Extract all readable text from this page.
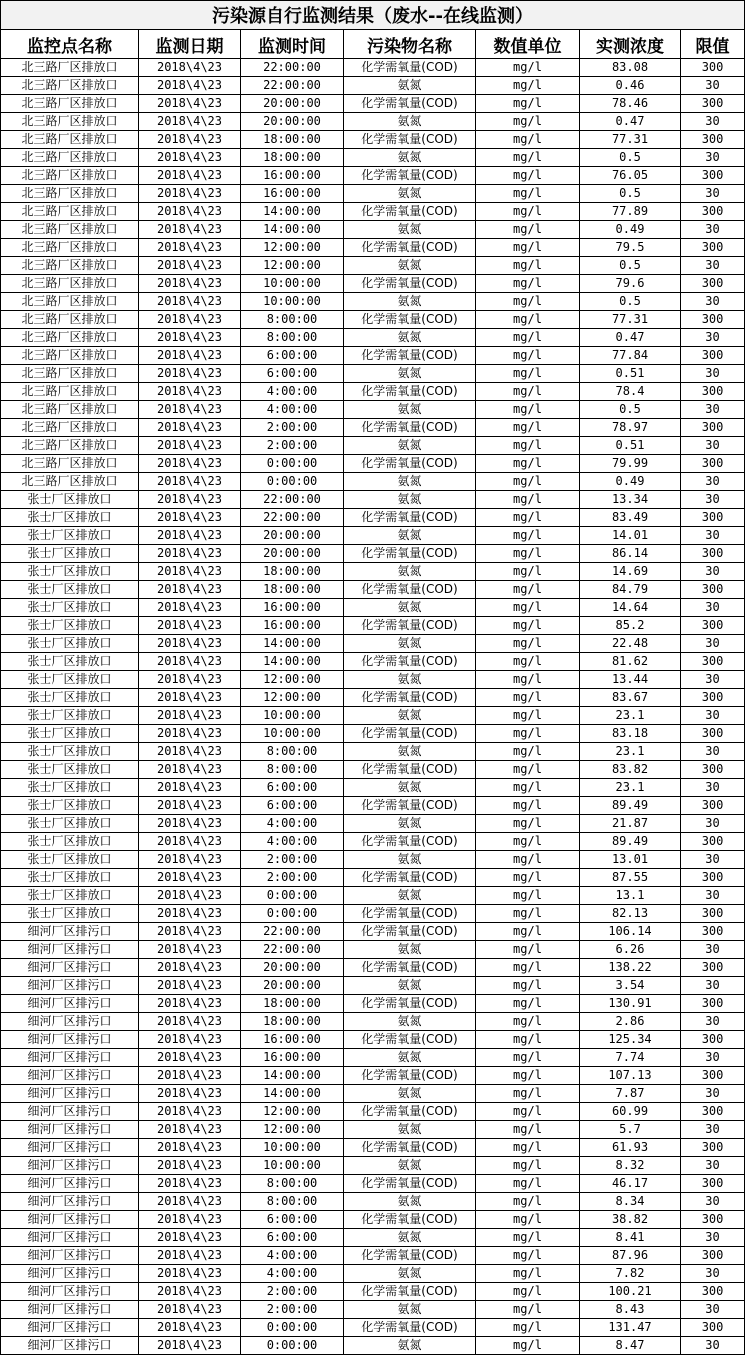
污染源自行监测结果（废水--在线监测）						
监控点名称	监测日期	监测时间	污染物名称	数值单位	实测浓度	限值
北三路厂区排放口	2018\4\23	22:00:00	化学需氧量(COD)	mg/l	83.08	300
北三路厂区排放口	2018\4\23	22:00:00	氨氮	mg/l	0.46	30
北三路厂区排放口	2018\4\23	20:00:00	化学需氧量(COD)	mg/l	78.46	300
北三路厂区排放口	2018\4\23	20:00:00	氨氮	mg/l	0.47	30
北三路厂区排放口	2018\4\23	18:00:00	化学需氧量(COD)	mg/l	77.31	300
北三路厂区排放口	2018\4\23	18:00:00	氨氮	mg/l	0.5	30
北三路厂区排放口	2018\4\23	16:00:00	化学需氧量(COD)	mg/l	76.05	300
北三路厂区排放口	2018\4\23	16:00:00	氨氮	mg/l	0.5	30
北三路厂区排放口	2018\4\23	14:00:00	化学需氧量(COD)	mg/l	77.89	300
北三路厂区排放口	2018\4\23	14:00:00	氨氮	mg/l	0.49	30
北三路厂区排放口	2018\4\23	12:00:00	化学需氧量(COD)	mg/l	79.5	300
北三路厂区排放口	2018\4\23	12:00:00	氨氮	mg/l	0.5	30
北三路厂区排放口	2018\4\23	10:00:00	化学需氧量(COD)	mg/l	79.6	300
北三路厂区排放口	2018\4\23	10:00:00	氨氮	mg/l	0.5	30
北三路厂区排放口	2018\4\23	8:00:00	化学需氧量(COD)	mg/l	77.31	300
北三路厂区排放口	2018\4\23	8:00:00	氨氮	mg/l	0.47	30
北三路厂区排放口	2018\4\23	6:00:00	化学需氧量(COD)	mg/l	77.84	300
北三路厂区排放口	2018\4\23	6:00:00	氨氮	mg/l	0.51	30
北三路厂区排放口	2018\4\23	4:00:00	化学需氧量(COD)	mg/l	78.4	300
北三路厂区排放口	2018\4\23	4:00:00	氨氮	mg/l	0.5	30
北三路厂区排放口	2018\4\23	2:00:00	化学需氧量(COD)	mg/l	78.97	300
北三路厂区排放口	2018\4\23	2:00:00	氨氮	mg/l	0.51	30
北三路厂区排放口	2018\4\23	0:00:00	化学需氧量(COD)	mg/l	79.99	300
北三路厂区排放口	2018\4\23	0:00:00	氨氮	mg/l	0.49	30
张士厂区排放口	2018\4\23	22:00:00	氨氮	mg/l	13.34	30
张士厂区排放口	2018\4\23	22:00:00	化学需氧量(COD)	mg/l	83.49	300
张士厂区排放口	2018\4\23	20:00:00	氨氮	mg/l	14.01	30
张士厂区排放口	2018\4\23	20:00:00	化学需氧量(COD)	mg/l	86.14	300
张士厂区排放口	2018\4\23	18:00:00	氨氮	mg/l	14.69	30
张士厂区排放口	2018\4\23	18:00:00	化学需氧量(COD)	mg/l	84.79	300
张士厂区排放口	2018\4\23	16:00:00	氨氮	mg/l	14.64	30
张士厂区排放口	2018\4\23	16:00:00	化学需氧量(COD)	mg/l	85.2	300
张士厂区排放口	2018\4\23	14:00:00	氨氮	mg/l	22.48	30
张士厂区排放口	2018\4\23	14:00:00	化学需氧量(COD)	mg/l	81.62	300
张士厂区排放口	2018\4\23	12:00:00	氨氮	mg/l	13.44	30
张士厂区排放口	2018\4\23	12:00:00	化学需氧量(COD)	mg/l	83.67	300
张士厂区排放口	2018\4\23	10:00:00	氨氮	mg/l	23.1	30
张士厂区排放口	2018\4\23	10:00:00	化学需氧量(COD)	mg/l	83.18	300
张士厂区排放口	2018\4\23	8:00:00	氨氮	mg/l	23.1	30
张士厂区排放口	2018\4\23	8:00:00	化学需氧量(COD)	mg/l	83.82	300
张士厂区排放口	2018\4\23	6:00:00	氨氮	mg/l	23.1	30
张士厂区排放口	2018\4\23	6:00:00	化学需氧量(COD)	mg/l	89.49	300
张士厂区排放口	2018\4\23	4:00:00	氨氮	mg/l	21.87	30
张士厂区排放口	2018\4\23	4:00:00	化学需氧量(COD)	mg/l	89.49	300
张士厂区排放口	2018\4\23	2:00:00	氨氮	mg/l	13.01	30
张士厂区排放口	2018\4\23	2:00:00	化学需氧量(COD)	mg/l	87.55	300
张士厂区排放口	2018\4\23	0:00:00	氨氮	mg/l	13.1	30
张士厂区排放口	2018\4\23	0:00:00	化学需氧量(COD)	mg/l	82.13	300
细河厂区排污口	2018\4\23	22:00:00	化学需氧量(COD)	mg/l	106.14	300
细河厂区排污口	2018\4\23	22:00:00	氨氮	mg/l	6.26	30
细河厂区排污口	2018\4\23	20:00:00	化学需氧量(COD)	mg/l	138.22	300
细河厂区排污口	2018\4\23	20:00:00	氨氮	mg/l	3.54	30
细河厂区排污口	2018\4\23	18:00:00	化学需氧量(COD)	mg/l	130.91	300
细河厂区排污口	2018\4\23	18:00:00	氨氮	mg/l	2.86	30
细河厂区排污口	2018\4\23	16:00:00	化学需氧量(COD)	mg/l	125.34	300
细河厂区排污口	2018\4\23	16:00:00	氨氮	mg/l	7.74	30
细河厂区排污口	2018\4\23	14:00:00	化学需氧量(COD)	mg/l	107.13	300
细河厂区排污口	2018\4\23	14:00:00	氨氮	mg/l	7.87	30
细河厂区排污口	2018\4\23	12:00:00	化学需氧量(COD)	mg/l	60.99	300
细河厂区排污口	2018\4\23	12:00:00	氨氮	mg/l	5.7	30
细河厂区排污口	2018\4\23	10:00:00	化学需氧量(COD)	mg/l	61.93	300
细河厂区排污口	2018\4\23	10:00:00	氨氮	mg/l	8.32	30
细河厂区排污口	2018\4\23	8:00:00	化学需氧量(COD)	mg/l	46.17	300
细河厂区排污口	2018\4\23	8:00:00	氨氮	mg/l	8.34	30
细河厂区排污口	2018\4\23	6:00:00	化学需氧量(COD)	mg/l	38.82	300
细河厂区排污口	2018\4\23	6:00:00	氨氮	mg/l	8.41	30
细河厂区排污口	2018\4\23	4:00:00	化学需氧量(COD)	mg/l	87.96	300
细河厂区排污口	2018\4\23	4:00:00	氨氮	mg/l	7.82	30
细河厂区排污口	2018\4\23	2:00:00	化学需氧量(COD)	mg/l	100.21	300
细河厂区排污口	2018\4\23	2:00:00	氨氮	mg/l	8.43	30
细河厂区排污口	2018\4\23	0:00:00	化学需氧量(COD)	mg/l	131.47	300
细河厂区排污口	2018\4\23	0:00:00	氨氮	mg/l	8.47	30
